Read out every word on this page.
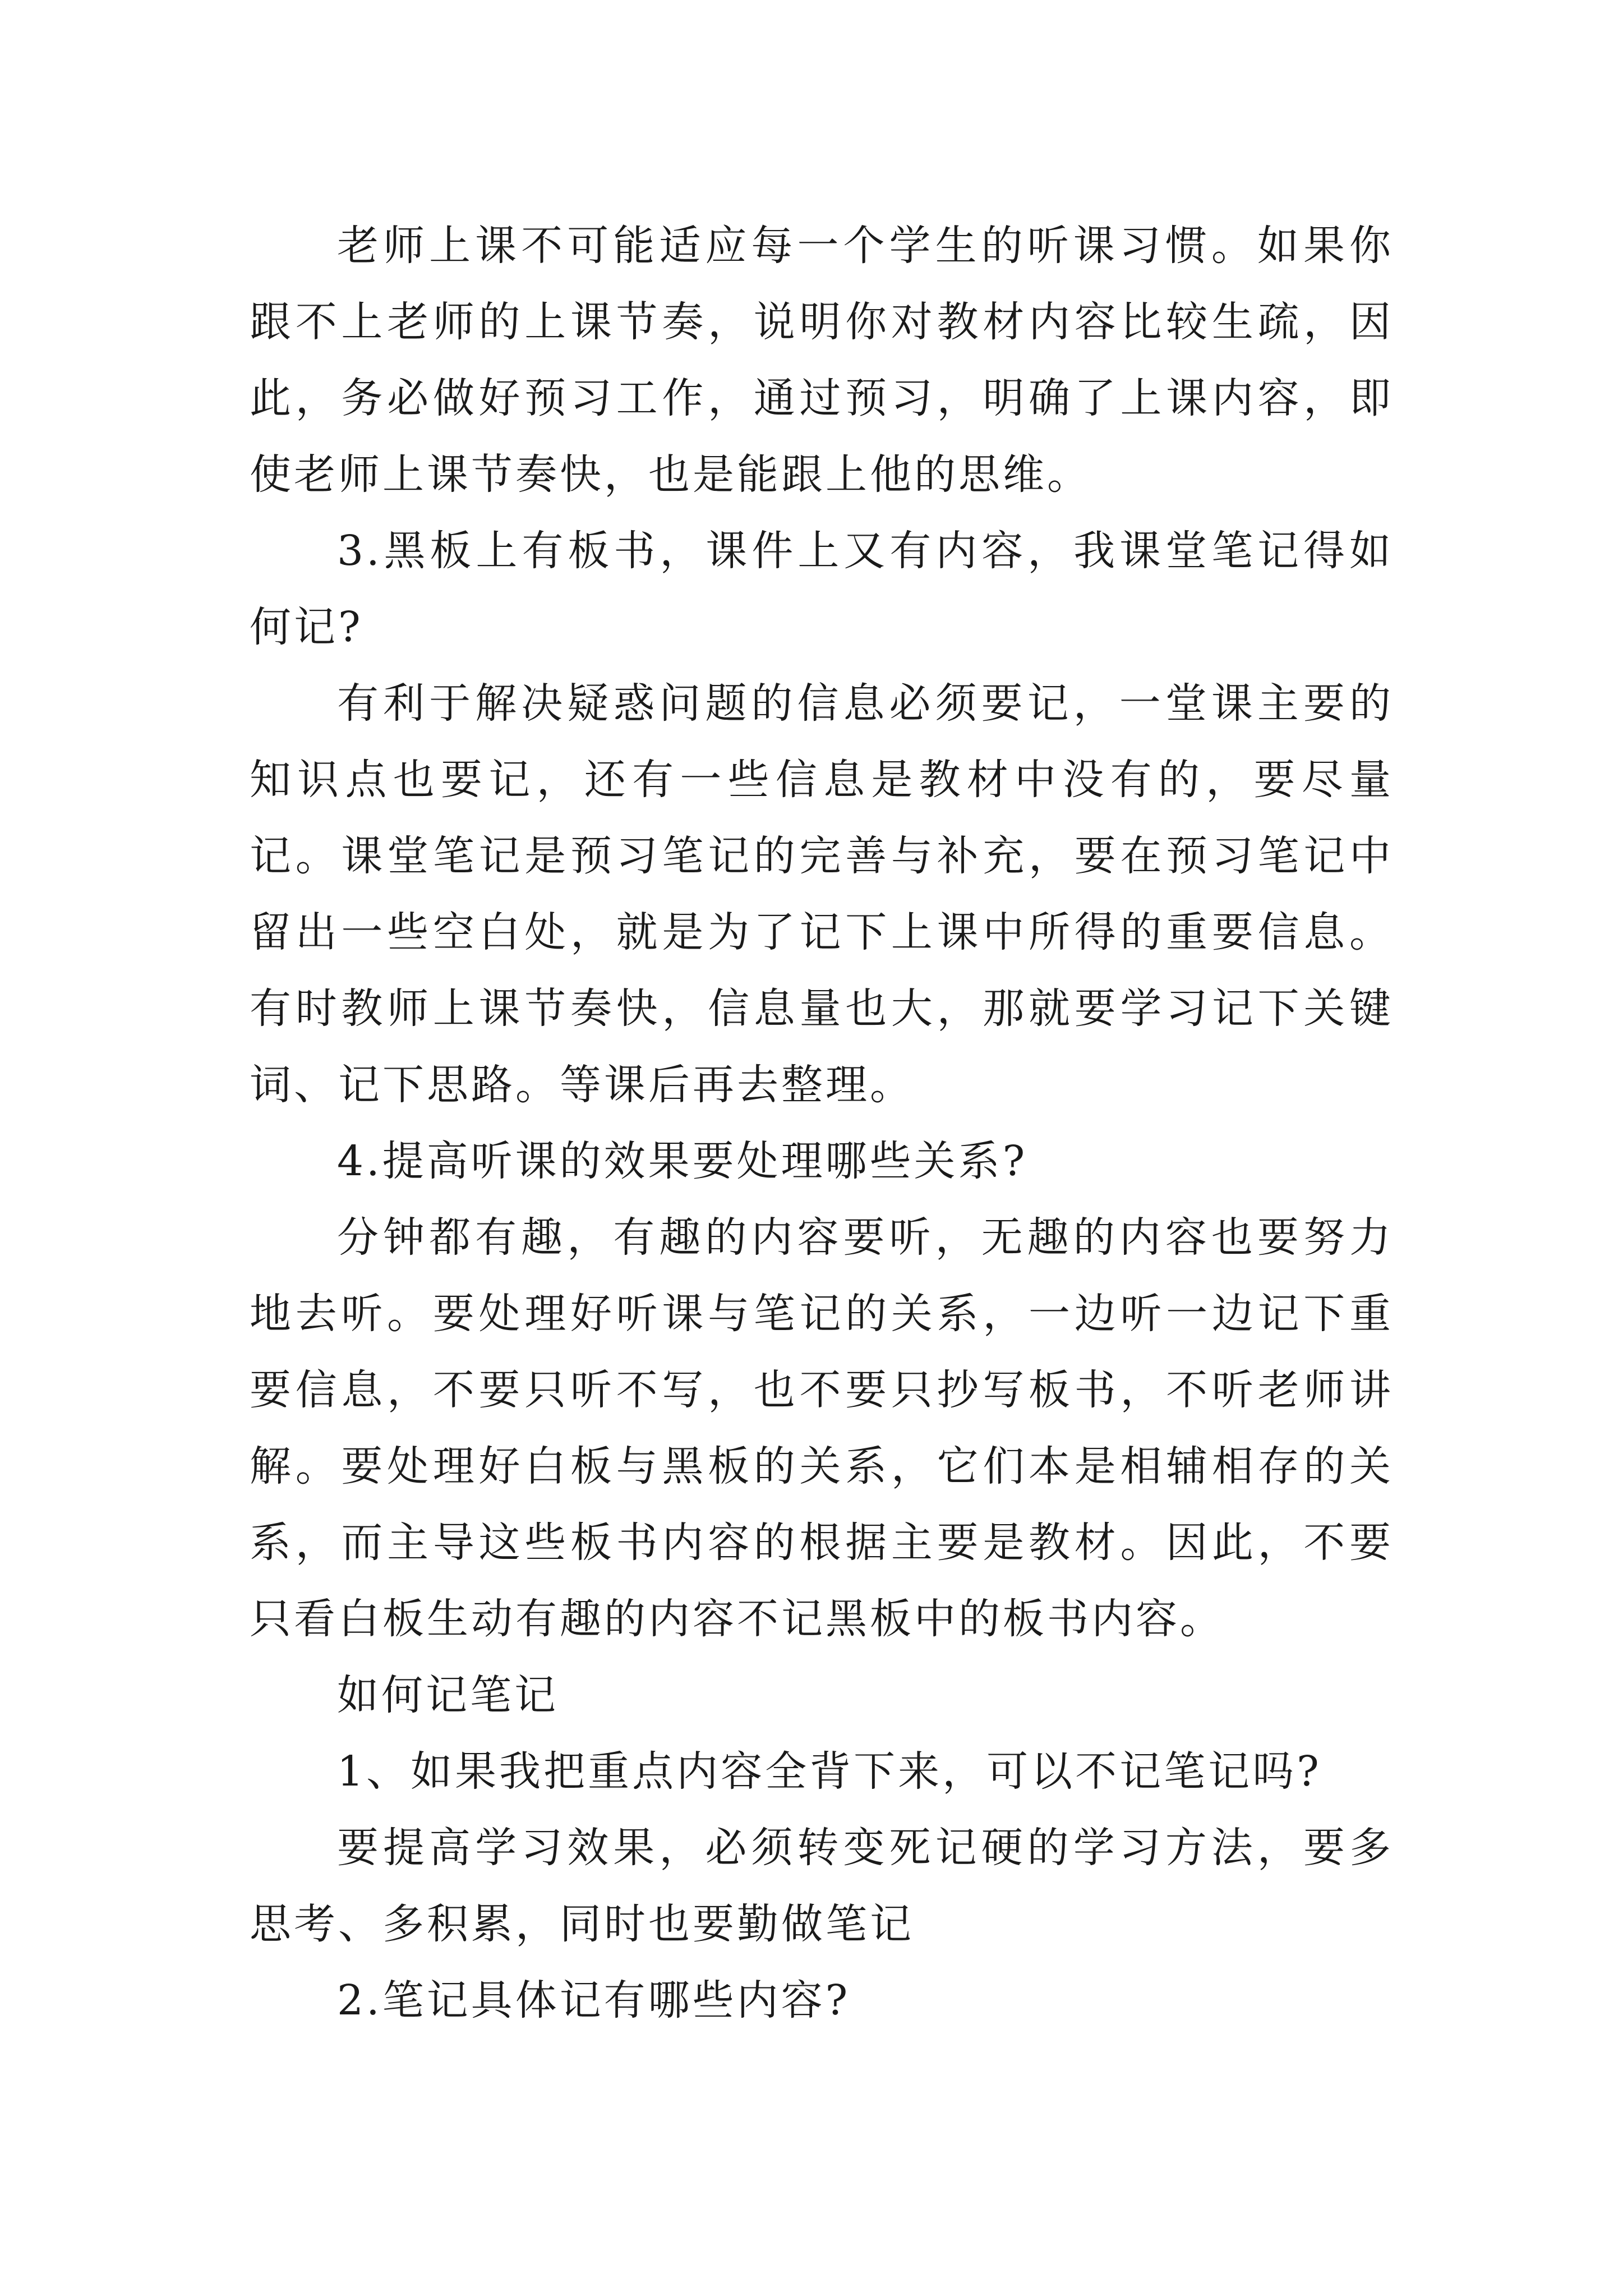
老师上课不可能适应每一个学生的听课习惯。如果你跟不上老师的上课节奏，说明你对教材内容比较生疏，因此，务必做好预习工作，通过预习，明确了上课内容，即使老师上课节奏快，也是能跟上他的思维。

3.黑板上有板书，课件上又有内容，我课堂笔记得如何记?

有利于解决疑惑问题的信息必须要记，一堂课主要的知识点也要记，还有一些信息是教材中没有的，要尽量记。课堂笔记是预习笔记的完善与补充，要在预习笔记中留出一些空白处，就是为了记下上课中所得的重要信息。有时教师上课节奏快，信息量也大，那就要学习记下关键词、记下思路。等课后再去整理。

4.提高听课的效果要处理哪些关系?

分钟都有趣，有趣的内容要听，无趣的内容也要努力地去听。要处理好听课与笔记的关系，一边听一边记下重要信息，不要只听不写，也不要只抄写板书，不听老师讲解。要处理好白板与黑板的关系，它们本是相辅相存的关系，而主导这些板书内容的根据主要是教材。因此，不要只看白板生动有趣的内容不记黑板中的板书内容。

如何记笔记

1、如果我把重点内容全背下来，可以不记笔记吗?

要提高学习效果，必须转变死记硬的学习方法，要多思考、多积累，同时也要勤做笔记

2.笔记具体记有哪些内容?
